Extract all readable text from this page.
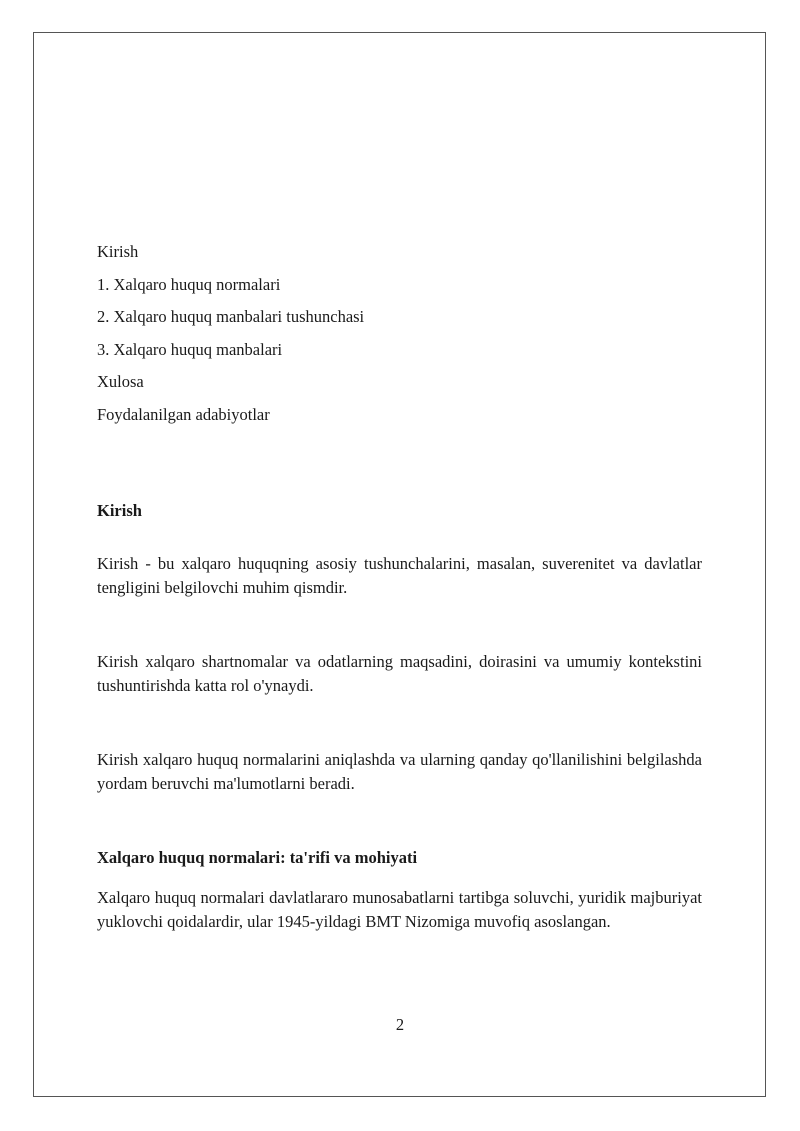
Kirish
1. Xalqaro huquq normalari
2. Xalqaro huquq manbalari tushunchasi
3. Xalqaro huquq manbalari
Xulosa
Foydalanilgan adabiyotlar
Kirish
Kirish - bu xalqaro huquqning asosiy tushunchalarini, masalan, suverenitet va davlatlar tengligini belgilovchi muhim qismdir.
Kirish xalqaro shartnomalar va odatlarning maqsadini, doirasini va umumiy kontekstini tushuntirishda katta rol o'ynaydi.
Kirish xalqaro huquq normalarini aniqlashda va ularning qanday qo'llanilishini belgilashda yordam beruvchi ma'lumotlarni beradi.
Xalqaro huquq normalari: ta'rifi va mohiyati
Xalqaro huquq normalari davlatlararo munosabatlarni tartibga soluvchi, yuridik majburiyat yuklovchi qoidalardir, ular 1945-yildagi BMT Nizomiga muvofiq asoslangan.
2
